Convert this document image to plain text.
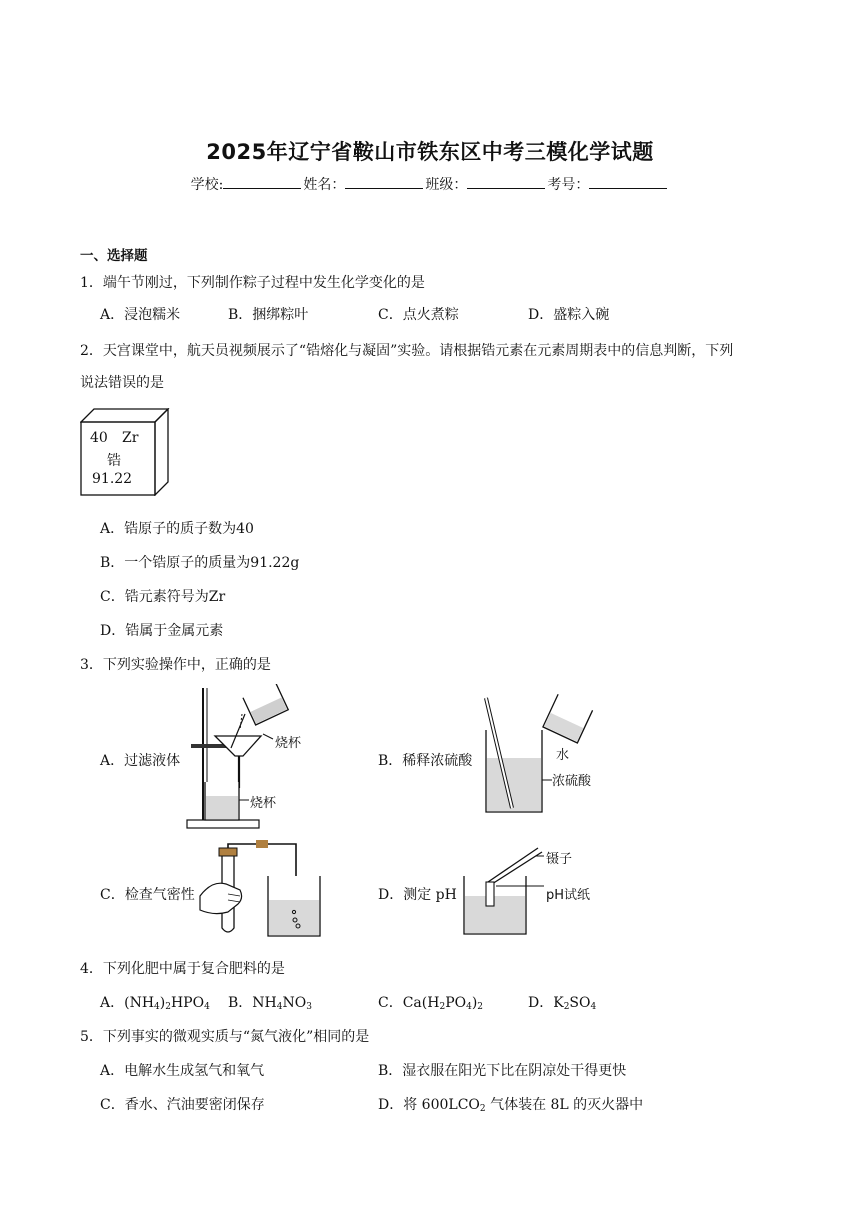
2025年辽宁省鞍山市铁东区中考三模化学试题
学校:	姓名：	班级：	考号：
一、选择题
1．端午节刚过，下列制作粽子过程中发生化学变化的是
A．浸泡糯米	B．捆绑粽叶	C．点火煮粽	D．盛粽入碗
2．天宫课堂中，航天员视频展示了“锆熔化与凝固”实验。请根据锆元素在元素周期表中的信息判断，下列
说法错误的是
40 Zr
锆
91.22
A．锆原子的质子数为40
B．一个锆原子的质量为91.22g
C．锆元素符号为Zr
D．锆属于金属元素
3．下列实验操作中，正确的是
A．过滤液体	B．稀释浓硫酸
C．检查气密性	D．测定 pH
烧杯
烧杯
水
浓硫酸
镊子
pH试纸
4．下列化肥中属于复合肥料的是
A．$(NH_4)_2HPO_4$ B．$NH_4NO_3$	C．$Ca(H_2PO_4)_2$	D．$K_2SO_4$
5．下列事实的微观实质与“氮气液化”相同的是
A．电解水生成氢气和氧气	B．湿衣服在阳光下比在阴凉处干得更快
C．香水、汽油要密闭保存	D．将 $600LCO_2$ 气体装在 8L 的灭火器中
